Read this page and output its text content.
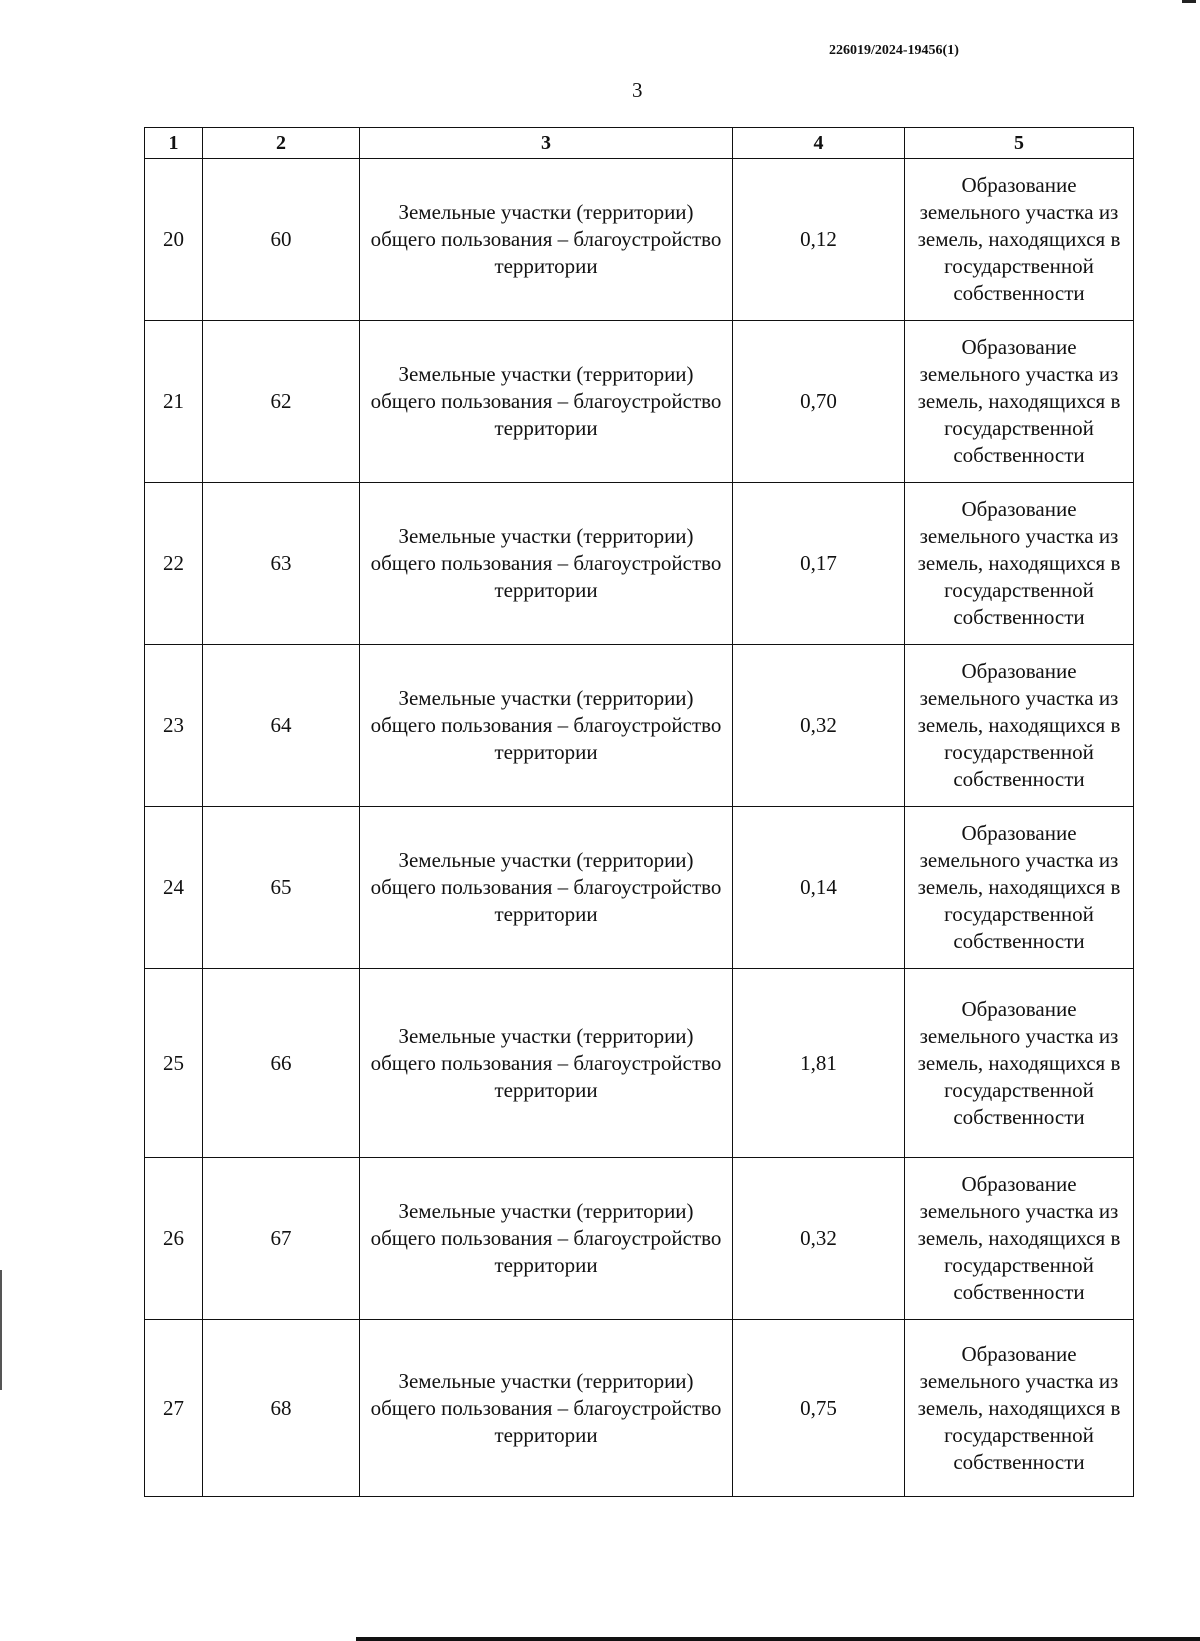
226019/2024-19456(1)
3
1	2	3	4	5
20	60	Земельные участки (территории) общего пользования – благоустройство территории	0,12	Образование земельного участка из земель, находящихся в государственной собственности
21	62	Земельные участки (территории) общего пользования – благоустройство территории	0,70	Образование земельного участка из земель, находящихся в государственной собственности
22	63	Земельные участки (территории) общего пользования – благоустройство территории	0,17	Образование земельного участка из земель, находящихся в государственной собственности
23	64	Земельные участки (территории) общего пользования – благоустройство территории	0,32	Образование земельного участка из земель, находящихся в государственной собственности
24	65	Земельные участки (территории) общего пользования – благоустройство территории	0,14	Образование земельного участка из земель, находящихся в государственной собственности
25	66	Земельные участки (территории) общего пользования – благоустройство территории	1,81	Образование земельного участка из земель, находящихся в государственной собственности
26	67	Земельные участки (территории) общего пользования – благоустройство территории	0,32	Образование земельного участка из земель, находящихся в государственной собственности
27	68	Земельные участки (территории) общего пользования – благоустройство территории	0,75	Образование земельного участка из земель, находящихся в государственной собственности
